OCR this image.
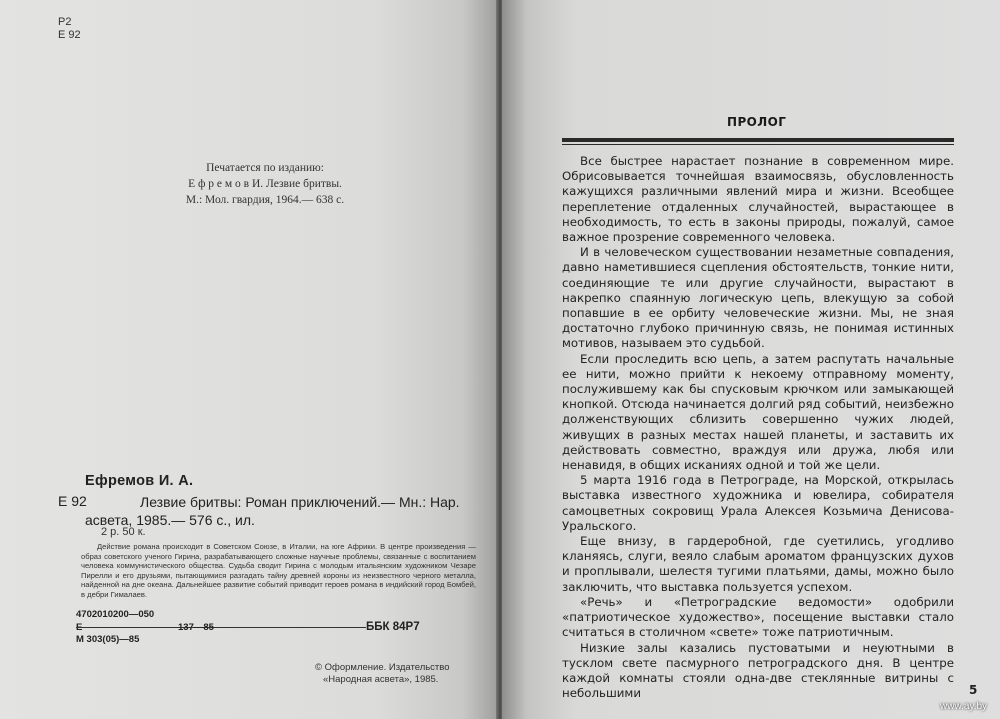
Р2
Е 92
Печатается по изданию:
Е ф р е м о в И. Лезвие бритвы.
М.: Мол. гвардия, 1964.— 638 с.
Ефремов И. А.
Е 92	Лезвие бритвы: Роман приключений.— Мн.: Нар. асвета, 1985.— 576 с., ил.
2 р. 50 к.
Действие романа происходит в Советском Союзе, в Италии, на юге Африки. В центре произведения — образ советского ученого Гирина, разрабатывающего сложные научные проблемы, связанные с воспитанием человека коммунистического общества. Судьба сводит Гирина с молодым итальянским художником Чезаре Пирелли и его друзьями, пытающимися разгадать тайну древней короны из неизвестного черного металла, найденной на дне океана. Дальнейшее развитие событий приводит героев романа в индийский город Бомбей, в дебри Гималаев.
4702010200—050
137—85
М 303(05)—85
ББК 84Р7
© Оформление. Издательство
«Народная асвета», 1985.
ПРОЛОГ

Все быстрее нарастает познание в современном мире. Обрисовывается точнейшая взаимосвязь, обусловленность кажущихся различными явлений мира и жизни. Всеобщее переплетение отдаленных случайностей, вырастающее в необходимость, то есть в законы природы, пожалуй, самое важное прозрение современного человека.

И в человеческом существовании незаметные совпадения, давно наметившиеся сцепления обстоятельств, тонкие нити, соединяющие те или другие случайности, вырастают в накрепко спаянную логическую цепь, влекущую за собой попавшие в ее орбиту человеческие жизни. Мы, не зная достаточно глубоко причинную связь, не понимая истинных мотивов, называем это судьбой.

Если проследить всю цепь, а затем распутать начальные ее нити, можно прийти к некоему отправному моменту, послужившему как бы спусковым крючком или замыкающей кнопкой. Отсюда начинается долгий ряд событий, неизбежно долженствующих сблизить совершенно чужих людей, живущих в разных местах нашей планеты, и заставить их действовать совместно, враждуя или дружа, любя или ненавидя, в общих исканиях одной и той же цели.

5 марта 1916 года в Петрограде, на Морской, открылась выставка известного художника и ювелира, собирателя самоцветных сокровищ Урала Алексея Козьмича Денисова-Уральского.

Еще внизу, в гардеробной, где суетились, угодливо кланяясь, слуги, веяло слабым ароматом французских духов и проплывали, шелестя тугими платьями, дамы, можно было заключить, что выставка пользуется успехом.

«Речь» и «Петроградские ведомости» одобрили «патриотическое художество», посещение выставки стало считаться в столичном «свете» тоже патриотичным.

Низкие залы казались пустоватыми и неуютными в тусклом свете пасмурного петроградского дня. В центре каждой комнаты стояли одна-две стеклянные витрины с небольшими	5
www.ay.by
